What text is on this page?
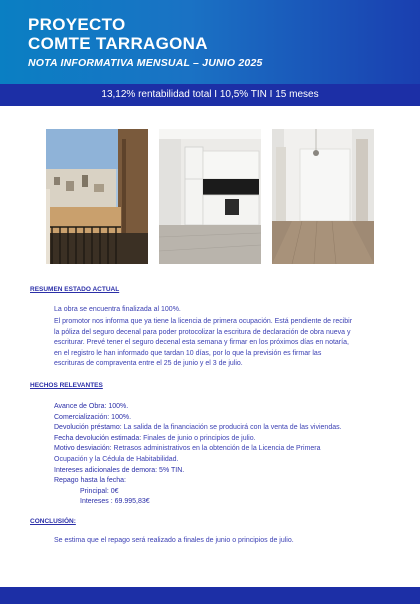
PROYECTO
COMTE TARRAGONA
NOTA INFORMATIVA MENSUAL – JUNIO 2025
13,12% rentabilidad total I 10,5% TIN I 15 meses
RESUMEN ESTADO ACTUAL
La obra se encuentra finalizada al 100%.
El promotor nos informa que ya tiene la licencia de primera ocupación. Está pendiente de recibir
la póliza del seguro decenal para poder protocolizar la escritura de declaración de obra nueva y
escriturar. Prevé tener el seguro decenal esta semana y firmar en los próximos días en notaría,
en el registro le han informado que tardan 10 días, por lo que la previsión es firmar las
escrituras de compraventa entre el 25 de junio y el 3 de julio.
HECHOS RELEVANTES
Avance de Obra: 100%.
Comercialización: 100%.
Devolución préstamo: La salida de la financiación se producirá con la venta de las viviendas.
Fecha devolución estimada: Finales de junio o principios de julio.
Motivo desviación: Retrasos administrativos en la obtención de la Licencia de Primera
Ocupación y la Cédula de Habitabilidad.
Intereses adicionales de demora: 5% TIN.
Repago hasta la fecha:
Principal: 0€
Intereses : 69.995,83€
CONCLUSIÓN:
Se estima que el repago será realizado a finales de junio o principios de julio.
